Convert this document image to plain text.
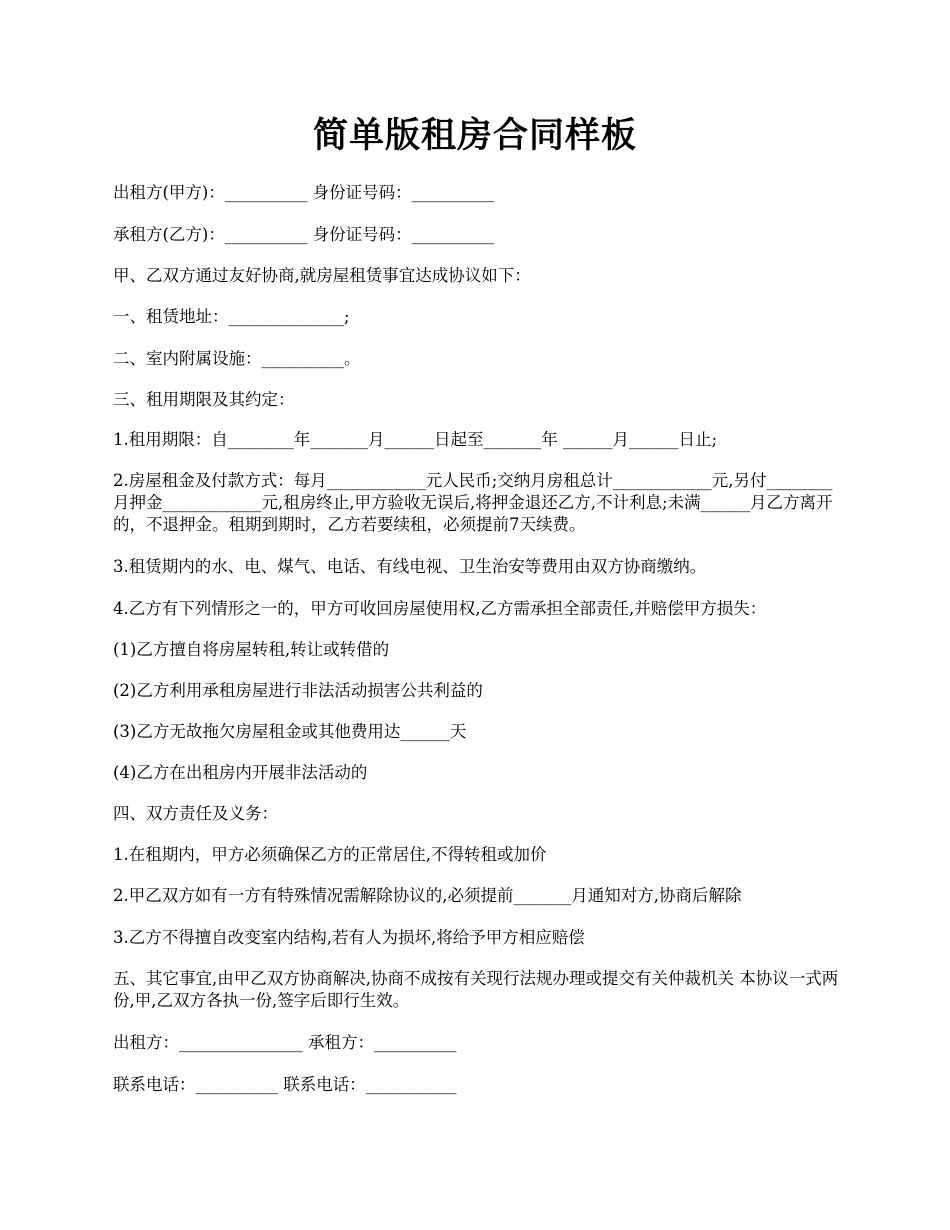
简单版租房合同样板
出租方(甲方)：__________ 身份证号码：__________
承租方(乙方)：__________ 身份证号码：__________
甲、乙双方通过友好协商,就房屋租赁事宜达成协议如下：
一、租赁地址：______________;
二、室内附属设施：__________。
三、租用期限及其约定：
1.租用期限：自________年_______月______日起至_______年 ______月______日止;
2.房屋租金及付款方式：每月____________元人民币;交纳月房租总计____________元,另付________月押金____________元,租房终止,甲方验收无误后,将押金退还乙方,不计利息;未满______月乙方离开的，不退押金。租期到期时，乙方若要续租，必须提前7天续费。
3.租赁期内的水、电、煤气、电话、有线电视、卫生治安等费用由双方协商缴纳。
4.乙方有下列情形之一的，甲方可收回房屋使用权,乙方需承担全部责任,并赔偿甲方损失：
(1)乙方擅自将房屋转租,转让或转借的
(2)乙方利用承租房屋进行非法活动损害公共利益的
(3)乙方无故拖欠房屋租金或其他费用达______天
(4)乙方在出租房内开展非法活动的
四、双方责任及义务：
1.在租期内，甲方必须确保乙方的正常居住,不得转租或加价
2.甲乙双方如有一方有特殊情况需解除协议的,必须提前_______月通知对方,协商后解除
3.乙方不得擅自改变室内结构,若有人为损坏,将给予甲方相应赔偿
五、其它事宜,由甲乙双方协商解决,协商不成按有关现行法规办理或提交有关仲裁机关 本协议一式两份,甲,乙双方各执一份,签字后即行生效。
出租方：_______________ 承租方：__________
联系电话：__________ 联系电话：___________
